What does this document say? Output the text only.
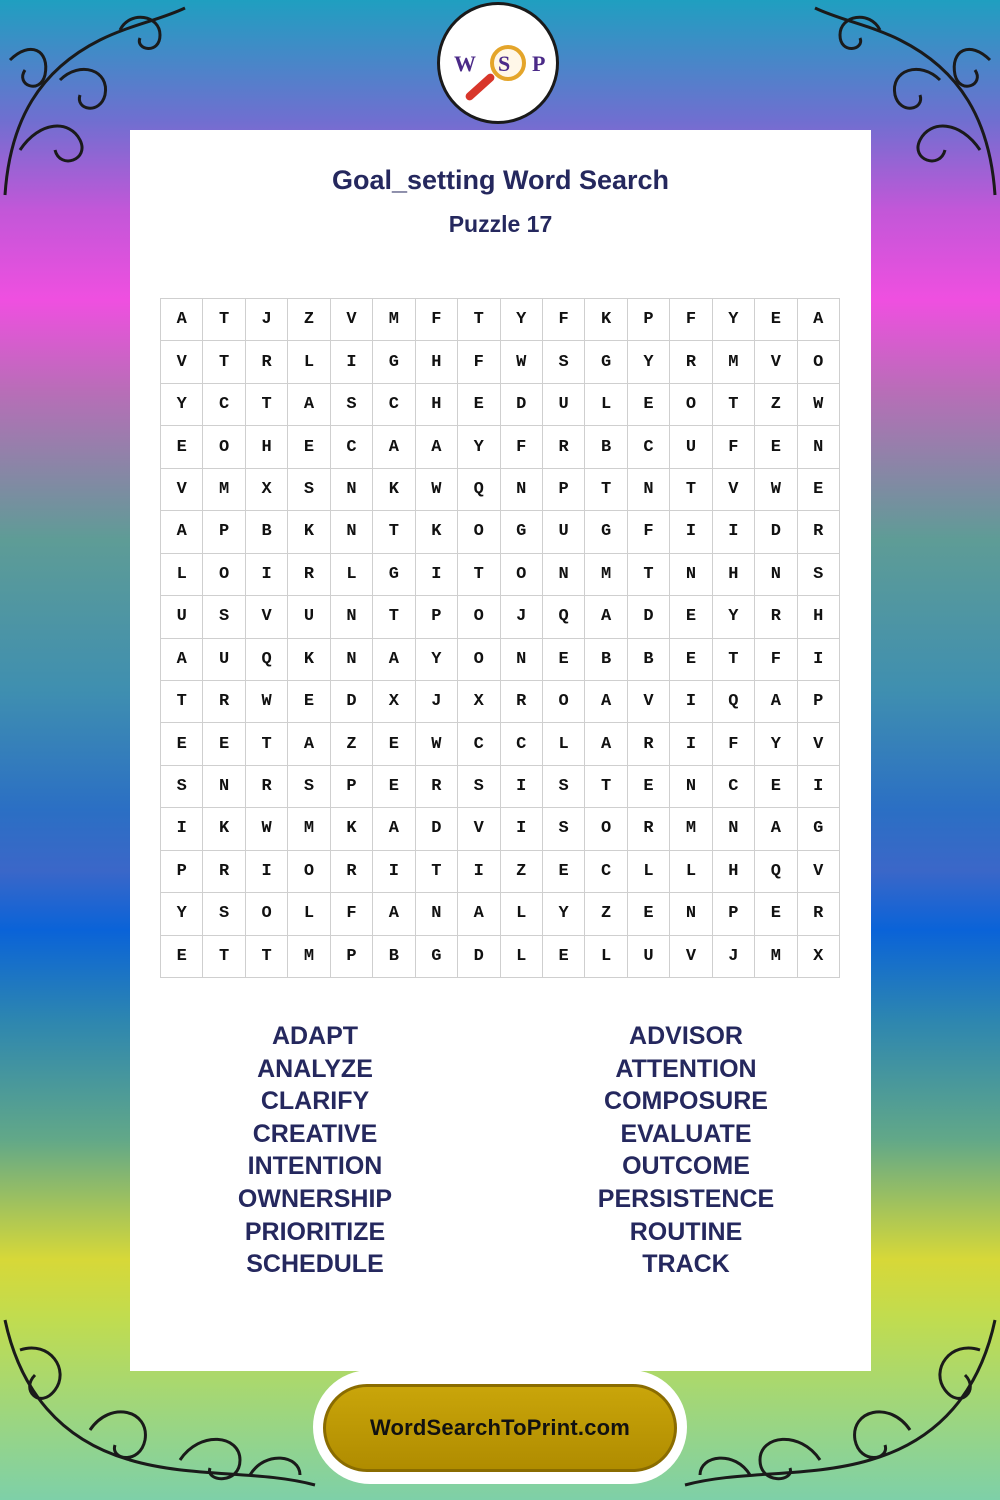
W S P
Goal_setting Word Search
Puzzle 17
A	T	J	Z	V	M	F	T	Y	F	K	P	F	Y	E	A
V	T	R	L	I	G	H	F	W	S	G	Y	R	M	V	O
Y	C	T	A	S	C	H	E	D	U	L	E	O	T	Z	W
E	O	H	E	C	A	A	Y	F	R	B	C	U	F	E	N
V	M	X	S	N	K	W	Q	N	P	T	N	T	V	W	E
A	P	B	K	N	T	K	O	G	U	G	F	I	I	D	R
L	O	I	R	L	G	I	T	O	N	M	T	N	H	N	S
U	S	V	U	N	T	P	O	J	Q	A	D	E	Y	R	H
A	U	Q	K	N	A	Y	O	N	E	B	B	E	T	F	I
T	R	W	E	D	X	J	X	R	O	A	V	I	Q	A	P
E	E	T	A	Z	E	W	C	C	L	A	R	I	F	Y	V
S	N	R	S	P	E	R	S	I	S	T	E	N	C	E	I
I	K	W	M	K	A	D	V	I	S	O	R	M	N	A	G
P	R	I	O	R	I	T	I	Z	E	C	L	L	H	Q	V
Y	S	O	L	F	A	N	A	L	Y	Z	E	N	P	E	R
E	T	T	M	P	B	G	D	L	E	L	U	V	J	M	X
ADAPT
ANALYZE
CLARIFY
CREATIVE
INTENTION
OWNERSHIP
PRIORITIZE
SCHEDULE
ADVISOR
ATTENTION
COMPOSURE
EVALUATE
OUTCOME
PERSISTENCE
ROUTINE
TRACK
WordSearchToPrint.com
